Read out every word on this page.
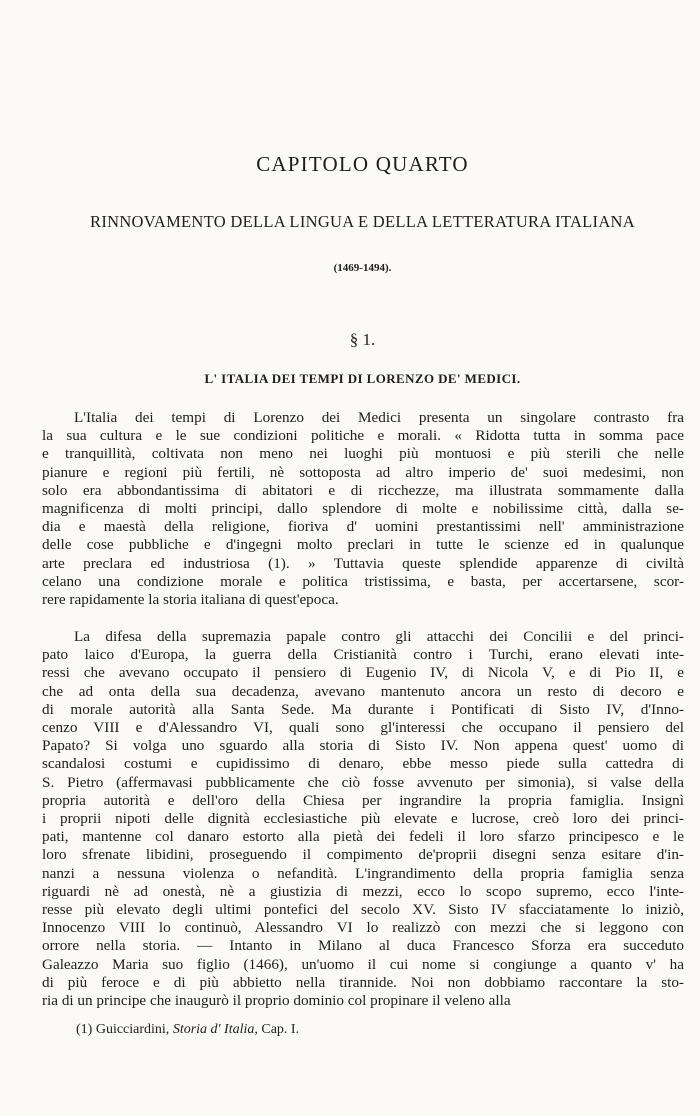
CAPITOLO QUARTO
RINNOVAMENTO DELLA LINGUA E DELLA LETTERATURA ITALIANA
(1469-1494).
§ 1.
L' ITALIA DEI TEMPI DI LORENZO DE' MEDICI.
L'Italia dei tempi di Lorenzo dei Medici presenta un singolare contrasto fra
la sua cultura e le sue condizioni politiche e morali. « Ridotta tutta in somma pace
e tranquillità, coltivata non meno nei luoghi più montuosi e più sterili che nelle
pianure e regioni più fertili, nè sottoposta ad altro imperio de' suoi medesimi, non
solo era abbondantissima di abitatori e di ricchezze, ma illustrata sommamente dalla
magnificenza di molti principi, dallo splendore di molte e nobilissime città, dalla se-
dia e maestà della religione, fioriva d' uomini prestantissimi nell' amministrazione
delle cose pubbliche e d'ingegni molto preclari in tutte le scienze ed in qualunque
arte preclara ed industriosa (1). » Tuttavia queste splendide apparenze di civiltà
celano una condizione morale e politica tristissima, e basta, per accertarsene, scor-
rere rapidamente la storia italiana di quest'epoca.
La difesa della supremazia papale contro gli attacchi dei Concilii e del princi-
pato laico d'Europa, la guerra della Cristianità contro i Turchi, erano elevati inte-
ressi che avevano occupato il pensiero di Eugenio IV, di Nicola V, e di Pio II, e
che ad onta della sua decadenza, avevano mantenuto ancora un resto di decoro e
di morale autorità alla Santa Sede. Ma durante i Pontificati di Sisto IV, d'Inno-
cenzo VIII e d'Alessandro VI, quali sono gl'interessi che occupano il pensiero del
Papato? Si volga uno sguardo alla storia di Sisto IV. Non appena quest' uomo di
scandalosi costumi e cupidissimo di denaro, ebbe messo piede sulla cattedra di
S. Pietro (affermavasi pubblicamente che ciò fosse avvenuto per simonia), si valse della
propria autorità e dell'oro della Chiesa per ingrandire la propria famiglia. Insignì
i proprii nipoti delle dignità ecclesiastiche più elevate e lucrose, creò loro dei princi-
pati, mantenne col danaro estorto alla pietà dei fedeli il loro sfarzo principesco e le
loro sfrenate libidini, proseguendo il compimento de'proprii disegni senza esitare d'in-
nanzi a nessuna violenza o nefandità. L'ingrandimento della propria famiglia senza
riguardi nè ad onestà, nè a giustizia di mezzi, ecco lo scopo supremo, ecco l'inte-
resse più elevato degli ultimi pontefici del secolo XV. Sisto IV sfacciatamente lo iniziò,
Innocenzo VIII lo continuò, Alessandro VI lo realizzò con mezzi che si leggono con
orrore nella storia. — Intanto in Milano al duca Francesco Sforza era succeduto
Galeazzo Maria suo figlio (1466), un'uomo il cui nome si congiunge a quanto v' ha
di più feroce e di più abbietto nella tirannide. Noi non dobbiamo raccontare la sto-
ria di un principe che inaugurò il proprio dominio col propinare il veleno alla
(1) Guicciardini, Storia d' Italia, Cap. I.
